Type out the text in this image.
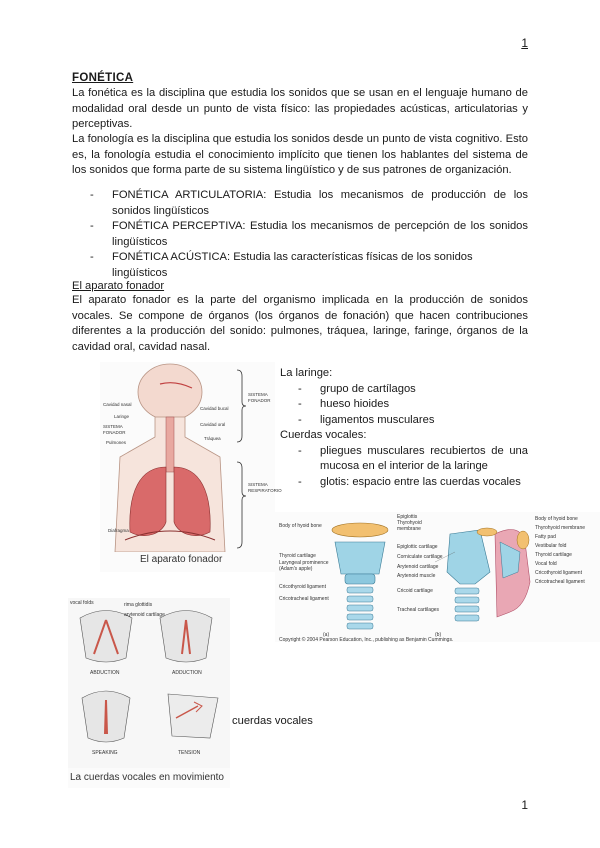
1
FONÉTICA
La fonética es la disciplina que estudia los sonidos que se usan en el lenguaje humano de modalidad oral desde un punto de vista físico: las propiedades acústicas, articulatorias y perceptivas.
La fonología es la disciplina que estudia los sonidos desde un punto de vista cognitivo. Esto es, la fonología estudia el conocimiento implícito que tienen los hablantes del sistema de los sonidos que forma parte de su sistema lingüístico y de sus patrones de organización.
-	FONÉTICA ARTICULATORIA: Estudia los mecanismos de producción de los sonidos lingüísticos
-	FONÉTICA PERCEPTIVA: Estudia los mecanismos de percepción de los sonidos lingüísticos
-	FONÉTICA ACÚSTICA: Estudia las características físicas de los sonidos lingüísticos
El aparato fonador
El aparato fonador es la parte del organismo implicada en la producción de sonidos vocales. Se compone de órganos (los órganos de fonación) que hacen contribuciones diferentes a la producción del sonido: pulmones, tráquea, laringe, faringe, órganos de la cavidad oral, cavidad nasal.
Cavidad nasal
Laringe
SISTEMA FONADOR
Pulmones
Diafragma
Cavidad bucal
Cavidad oral
Tráquea
SISTEMA FONADOR
SISTEMA RESPIRATORIO
El aparato fonador
La laringe:
-	grupo de cartílagos
-	hueso hioides
-	ligamentos musculares
Cuerdas vocales:
-	pliegues musculares recubiertos de una mucosa en el interior de la laringe
-	glotis: espacio entre las cuerdas vocales
Body of hyoid bone
Thyroid cartilage
Laryngeal prominence (Adam's apple)
Cricothyroid ligament
Cricotracheal ligament
Epiglottis
Thyrohyoid membrane
Epiglottic cartilage
Corniculate cartilage
Arytenoid cartilage
Arytenoid muscle
Cricoid cartilage
Tracheal cartilages
Body of hyoid bone
Thyrohyoid membrane
Fatty pad
Vestibular fold
Thyroid cartilage
Vocal fold
Cricothyroid ligament
Cricotracheal ligament
(a)	(b)
Copyright © 2004 Pearson Education, Inc., publishing as Benjamin Cummings.
vocal folds	rima glottidis
arytenoid cartilage
ABDUCTION	ADDUCTION
SPEAKING	TENSION
La cuerdas vocales en movimiento
cuerdas vocales
1
